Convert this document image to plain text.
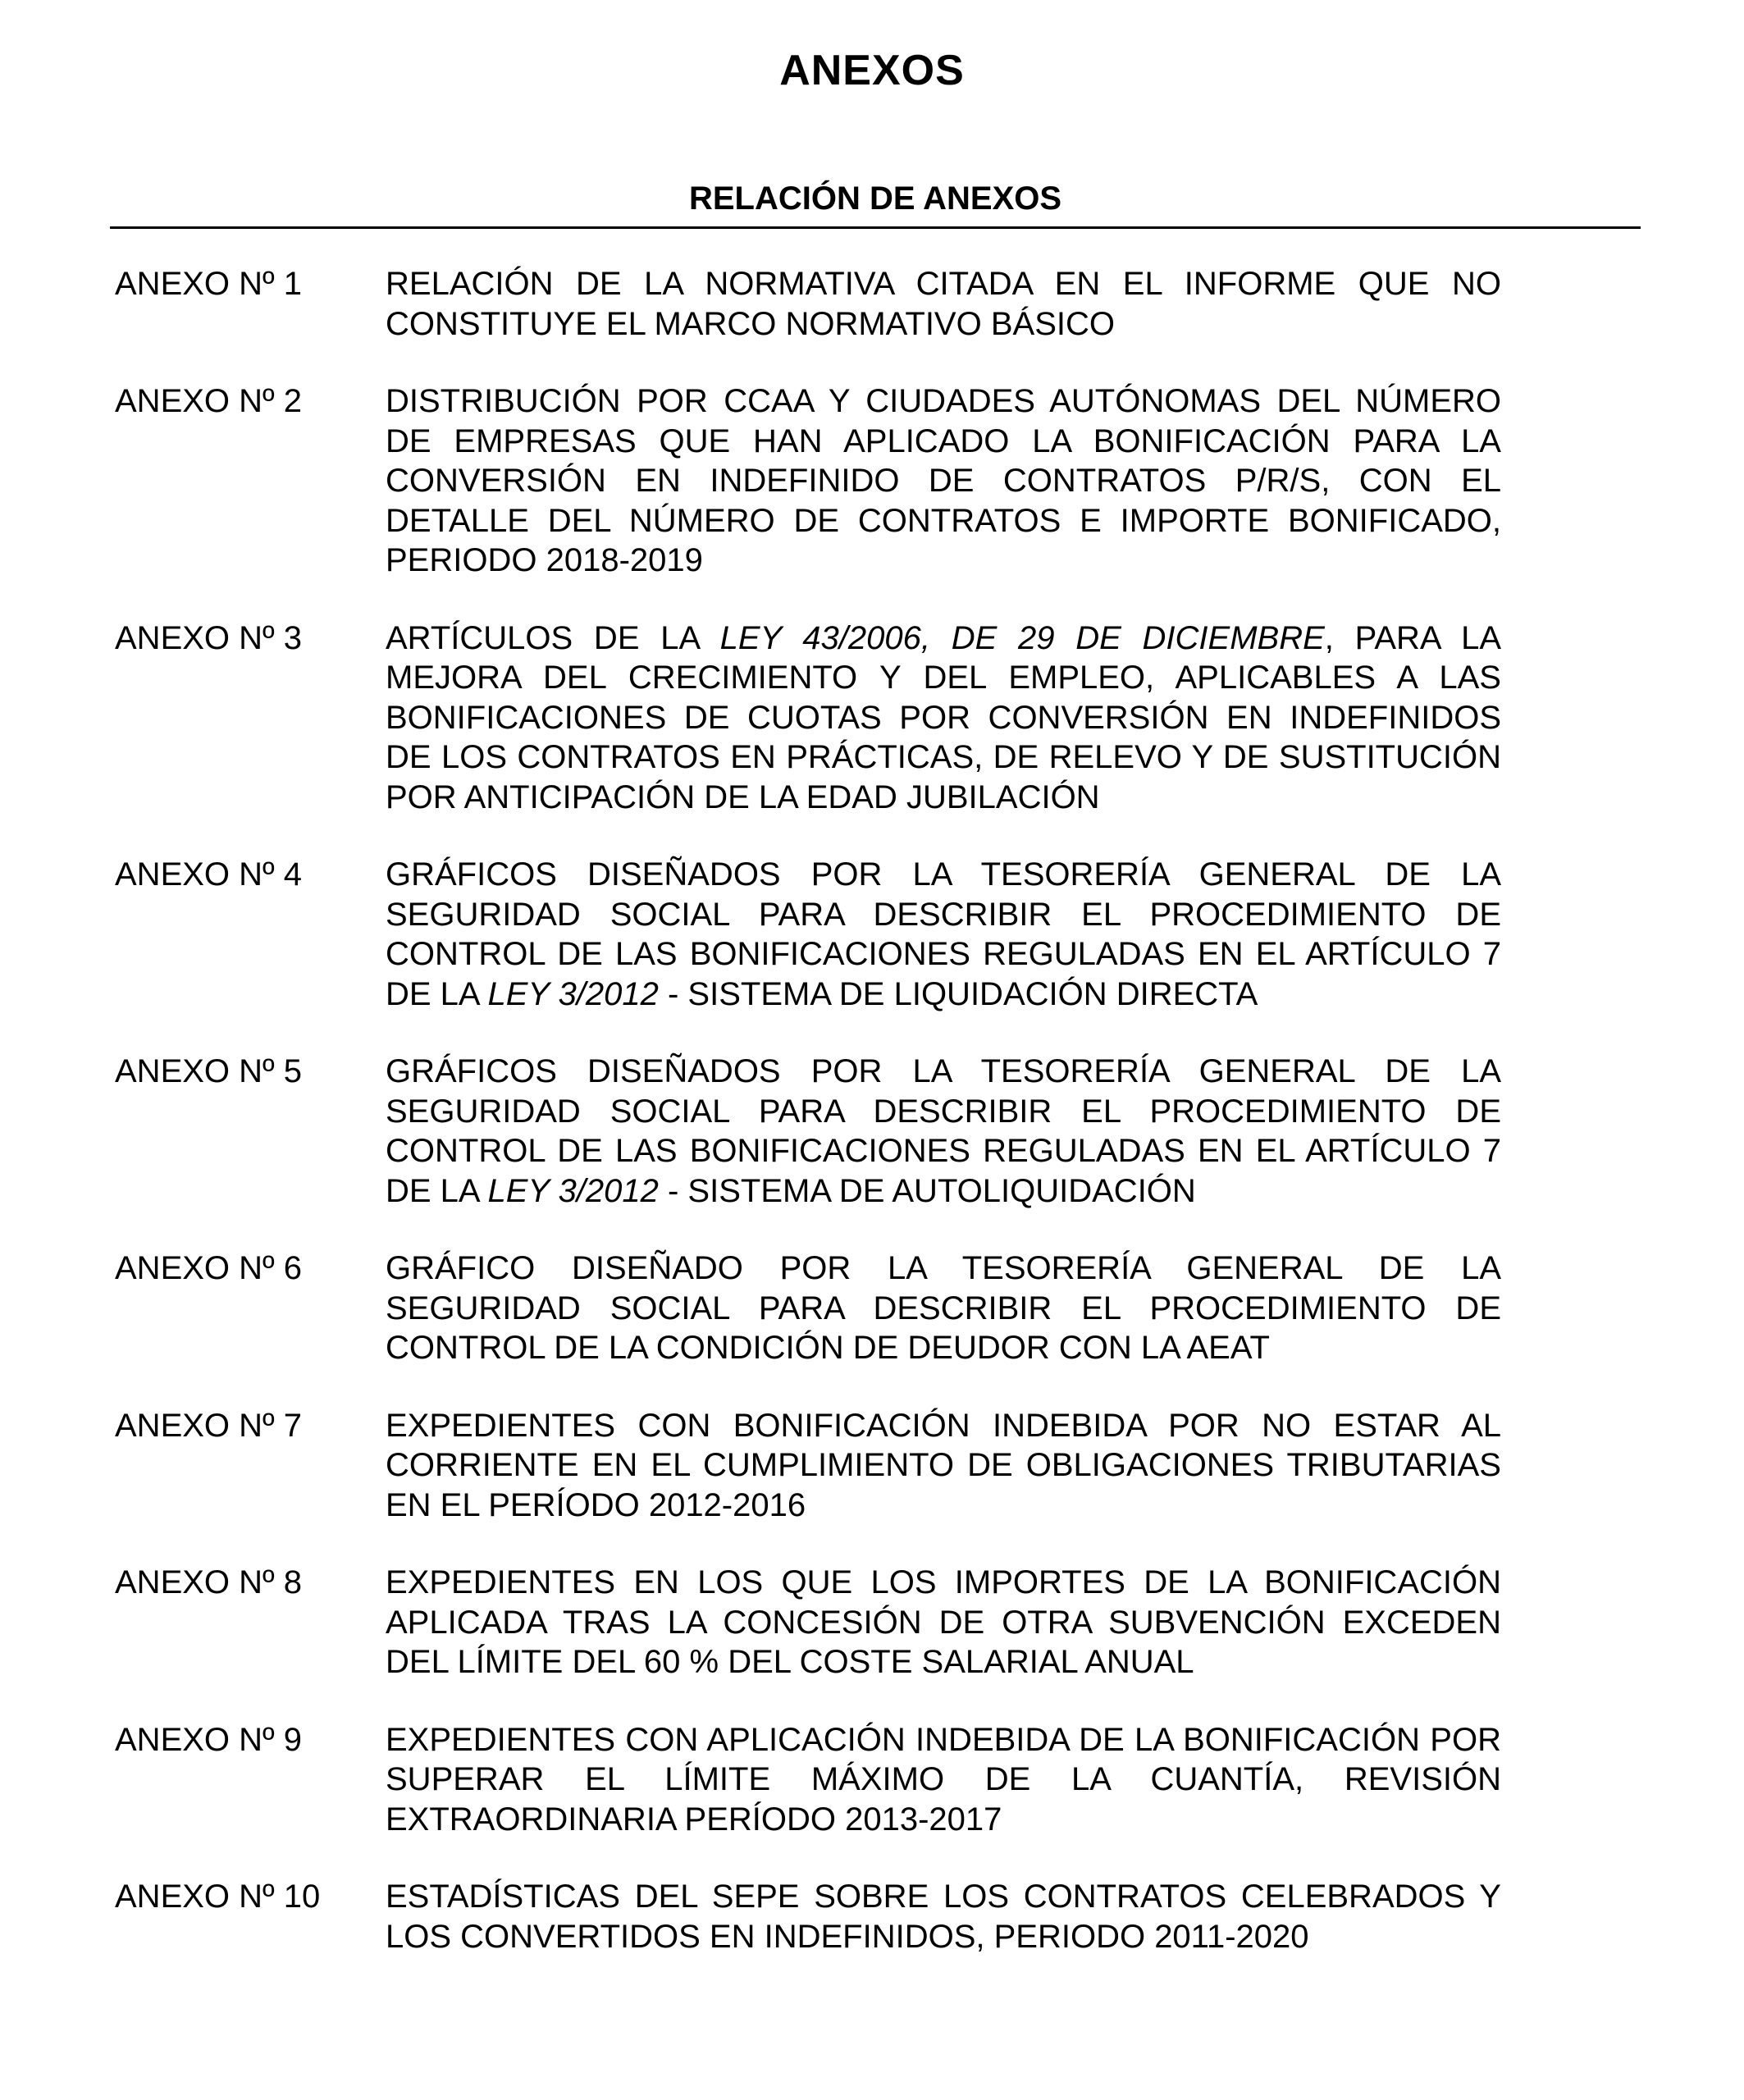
ANEXOS
RELACIÓN DE ANEXOS
ANEXO Nº 1	RELACIÓN DE LA NORMATIVA CITADA EN EL INFORME QUE NO CONSTITUYE EL MARCO NORMATIVO BÁSICO
ANEXO Nº 2	DISTRIBUCIÓN POR CCAA Y CIUDADES AUTÓNOMAS DEL NÚMERO DE EMPRESAS QUE HAN APLICADO LA BONIFICACIÓN PARA LA CONVERSIÓN EN INDEFINIDO DE CONTRATOS P/R/S, CON EL DETALLE DEL NÚMERO DE CONTRATOS E IMPORTE BONIFICADO, PERIODO 2018-2019
ANEXO Nº 3	ARTÍCULOS DE LA LEY 43/2006, DE 29 DE DICIEMBRE, PARA LA MEJORA DEL CRECIMIENTO Y DEL EMPLEO, APLICABLES A LAS BONIFICACIONES DE CUOTAS POR CONVERSIÓN EN INDEFINIDOS DE LOS CONTRATOS EN PRÁCTICAS, DE RELEVO Y DE SUSTITUCIÓN POR ANTICIPACIÓN DE LA EDAD JUBILACIÓN
ANEXO Nº 4	GRÁFICOS DISEÑADOS POR LA TESORERÍA GENERAL DE LA SEGURIDAD SOCIAL PARA DESCRIBIR EL PROCEDIMIENTO DE CONTROL DE LAS BONIFICACIONES REGULADAS EN EL ARTÍCULO 7 DE LA LEY 3/2012 - SISTEMA DE LIQUIDACIÓN DIRECTA
ANEXO Nº 5	GRÁFICOS DISEÑADOS POR LA TESORERÍA GENERAL DE LA SEGURIDAD SOCIAL PARA DESCRIBIR EL PROCEDIMIENTO DE CONTROL DE LAS BONIFICACIONES REGULADAS EN EL ARTÍCULO 7 DE LA LEY 3/2012 - SISTEMA DE AUTOLIQUIDACIÓN
ANEXO Nº 6	GRÁFICO DISEÑADO POR LA TESORERÍA GENERAL DE LA SEGURIDAD SOCIAL PARA DESCRIBIR EL PROCEDIMIENTO DE CONTROL DE LA CONDICIÓN DE DEUDOR CON LA AEAT
ANEXO Nº 7	EXPEDIENTES CON BONIFICACIÓN INDEBIDA POR NO ESTAR AL CORRIENTE EN EL CUMPLIMIENTO DE OBLIGACIONES TRIBUTARIAS EN EL PERÍODO 2012-2016
ANEXO Nº 8	EXPEDIENTES EN LOS QUE LOS IMPORTES DE LA BONIFICACIÓN APLICADA TRAS LA CONCESIÓN DE OTRA SUBVENCIÓN EXCEDEN DEL LÍMITE DEL 60 % DEL COSTE SALARIAL ANUAL
ANEXO Nº 9	EXPEDIENTES CON APLICACIÓN INDEBIDA DE LA BONIFICACIÓN POR SUPERAR EL LÍMITE MÁXIMO DE LA CUANTÍA, REVISIÓN EXTRAORDINARIA PERÍODO 2013-2017
ANEXO Nº 10	ESTADÍSTICAS DEL SEPE SOBRE LOS CONTRATOS CELEBRADOS Y LOS CONVERTIDOS EN INDEFINIDOS, PERIODO 2011-2020
